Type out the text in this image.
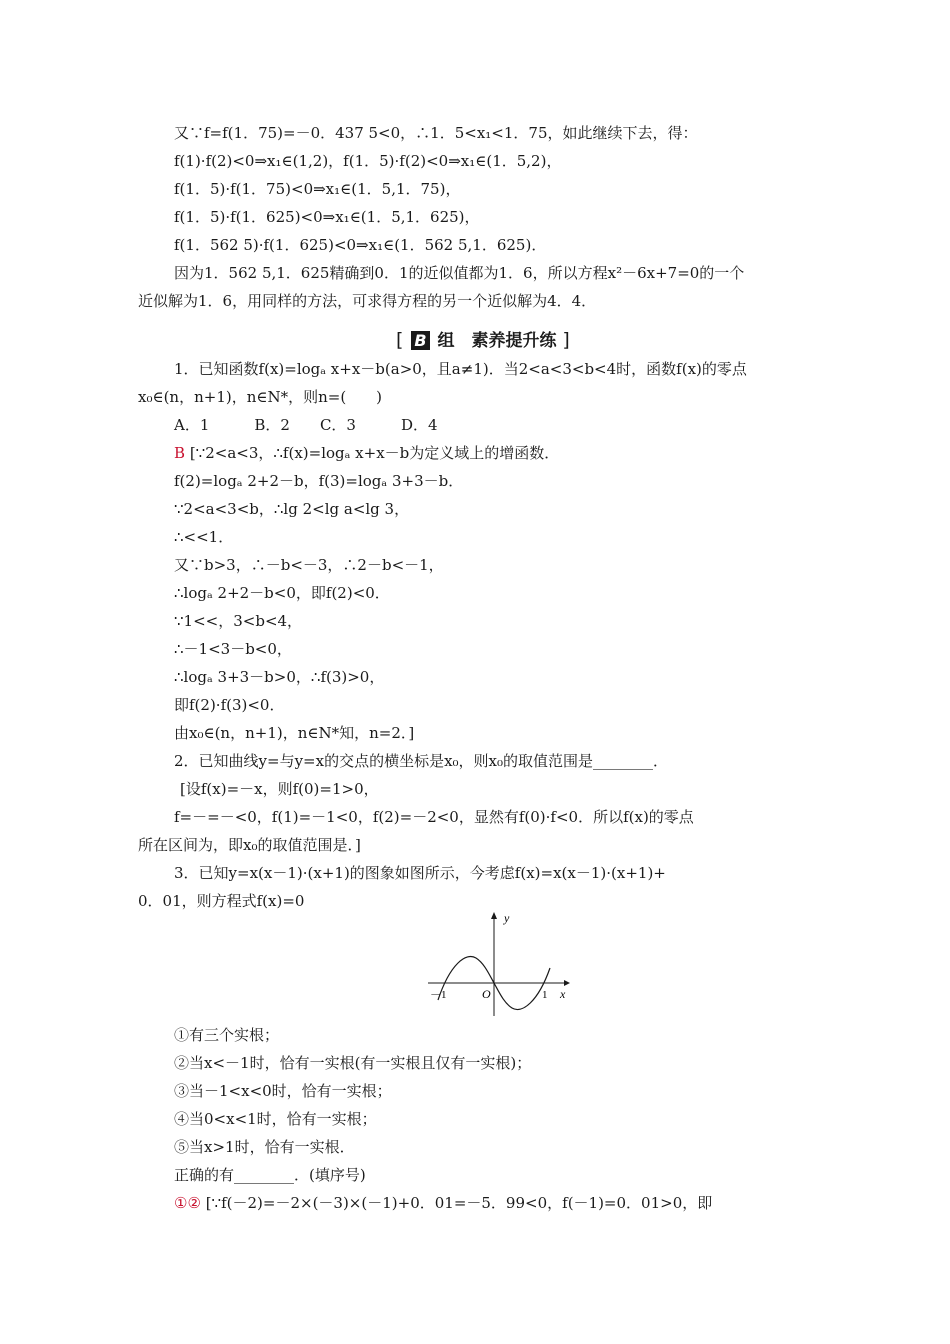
又∵f=f(1．75)=－0．437 5<0，∴1．5<x₁<1．75，如此继续下去，得：
f(1)·f(2)<0⇒x₁∈(1,2)，f(1．5)·f(2)<0⇒x₁∈(1．5,2)，
f(1．5)·f(1．75)<0⇒x₁∈(1．5,1．75)，
f(1．5)·f(1．625)<0⇒x₁∈(1．5,1．625)，
f(1．562 5)·f(1．625)<0⇒x₁∈(1．562 5,1．625)．
因为1．562 5,1．625精确到0．1的近似值都为1．6，所以方程x²－6x+7=0的一个
近似解为1．6，用同样的方法，可求得方程的另一个近似解为4．4．
[ B 组　素养提升练 ]
1．已知函数f(x)=logₐ x+x－b(a>0，且a≠1)．当2<a<3<b<4时，函数f(x)的零点
x₀∈(n，n+1)，n∈N*，则n=(　　)
A．1　　　B．2　　C．3　　　D．4
B [∵2<a<3，∴f(x)=logₐ x+x－b为定义域上的增函数．
f(2)=logₐ 2+2－b，f(3)=logₐ 3+3－b．
∵2<a<3<b，∴lg 2<lg a<lg 3，
∴<<1．
又∵b>3，∴－b<－3，∴2－b<－1，
∴logₐ 2+2－b<0，即f(2)<0．
∵1<<，3<b<4，
∴－1<3－b<0，
∴logₐ 3+3－b>0，∴f(3)>0，
即f(2)·f(3)<0．
由x₀∈(n，n+1)，n∈N*知，n=2．]
2．已知曲线y=与y=x的交点的横坐标是x₀，则x₀的取值范围是________．
[设f(x)=－x，则f(0)=1>0，
f=－=－<0，f(1)=－1<0，f(2)=－2<0，显然有f(0)·f<0．所以f(x)的零点
所在区间为，即x₀的取值范围是．]
3．已知y=x(x－1)·(x+1)的图象如图所示，今考虑f(x)=x(x－1)·(x+1)+
0．01，则方程式f(x)=0
y
x
O
－1	1
①有三个实根；
②当x<－1时，恰有一实根(有一实根且仅有一实根)；
③当－1<x<0时，恰有一实根；
④当0<x<1时，恰有一实根；
⑤当x>1时，恰有一实根．
正确的有________．(填序号)
①② [∵f(－2)=－2×(－3)×(－1)+0．01=－5．99<0，f(－1)=0．01>0，即
